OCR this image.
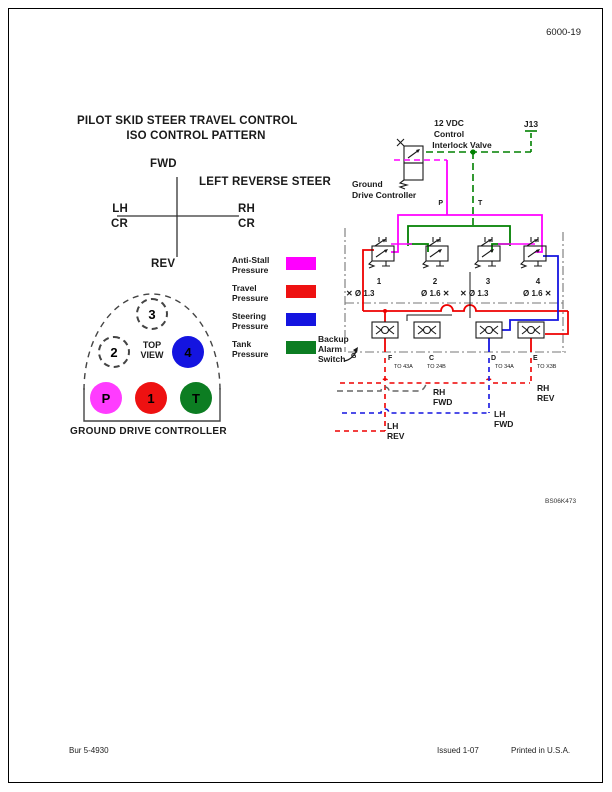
6000-19
PILOT SKID STEER TRAVEL CONTROL
ISO CONTROL PATTERN
FWD
LEFT REVERSE STEER
LH
CR
RH
CR
REV	Anti-Stall
Pressure
Travel
Pressure
Steering
Pressure
Tank
Pressure
3
2	4
P	1	T
TOP
VIEW
GROUND DRIVE CONTROLLER
BS06K473
Bur 5-4930	Issued 1-07	Printed in U.S.A.
12 VDC
Control
Interlock Valve
J13
Ground
Drive Controller
P	T
1	2	3	4
✕ Ø 1.3	Ø 1.6 ✕ ✕ Ø 1.3	Ø 1.6 ✕
Backup
Alarm
Switch G	F
TO 43A
C
TO 24B
D
TO 34A
E
TO X3B
RH
REV
RH
FWD
LH
FWD
LH
REV
